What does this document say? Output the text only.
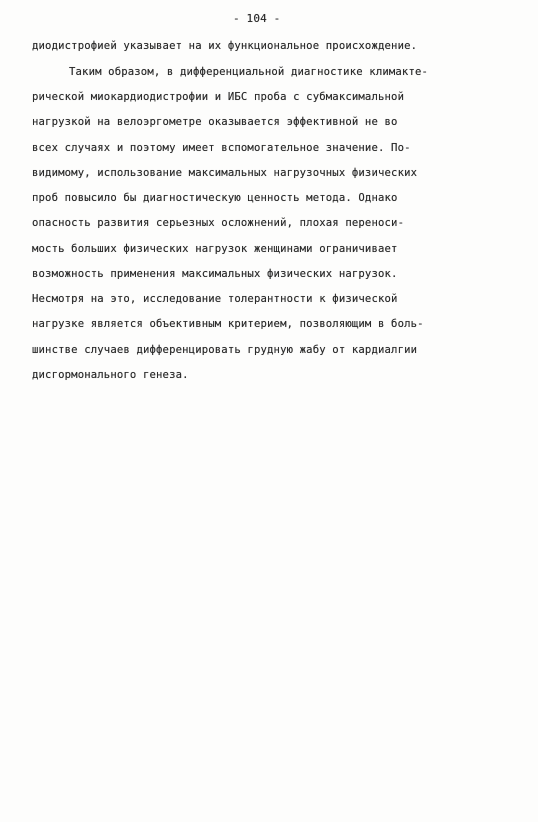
- 104 -
диодистрофией указывает на их функциональное происхождение.
Таким образом, в дифференциальной диагностике климакте-
рической миокардиодистрофии и ИБС проба с субмаксимальной
нагрузкой на велоэргометре оказывается эффективной не во
всех случаях и поэтому имеет вспомогательное значение. По-
видимому, использование максимальных нагрузочных физических
проб повысило бы диагностическую ценность метода. Однако
опасность развития серьезных осложнений, плохая переноси-
мость больших физических нагрузок женщинами ограничивает
возможность применения максимальных физических нагрузок.
Несмотря на это, исследование толерантности к физической
нагрузке является объективным критерием, позволяющим в боль-
шинстве случаев дифференцировать грудную жабу от кардиалгии
дисгормонального генеза.
